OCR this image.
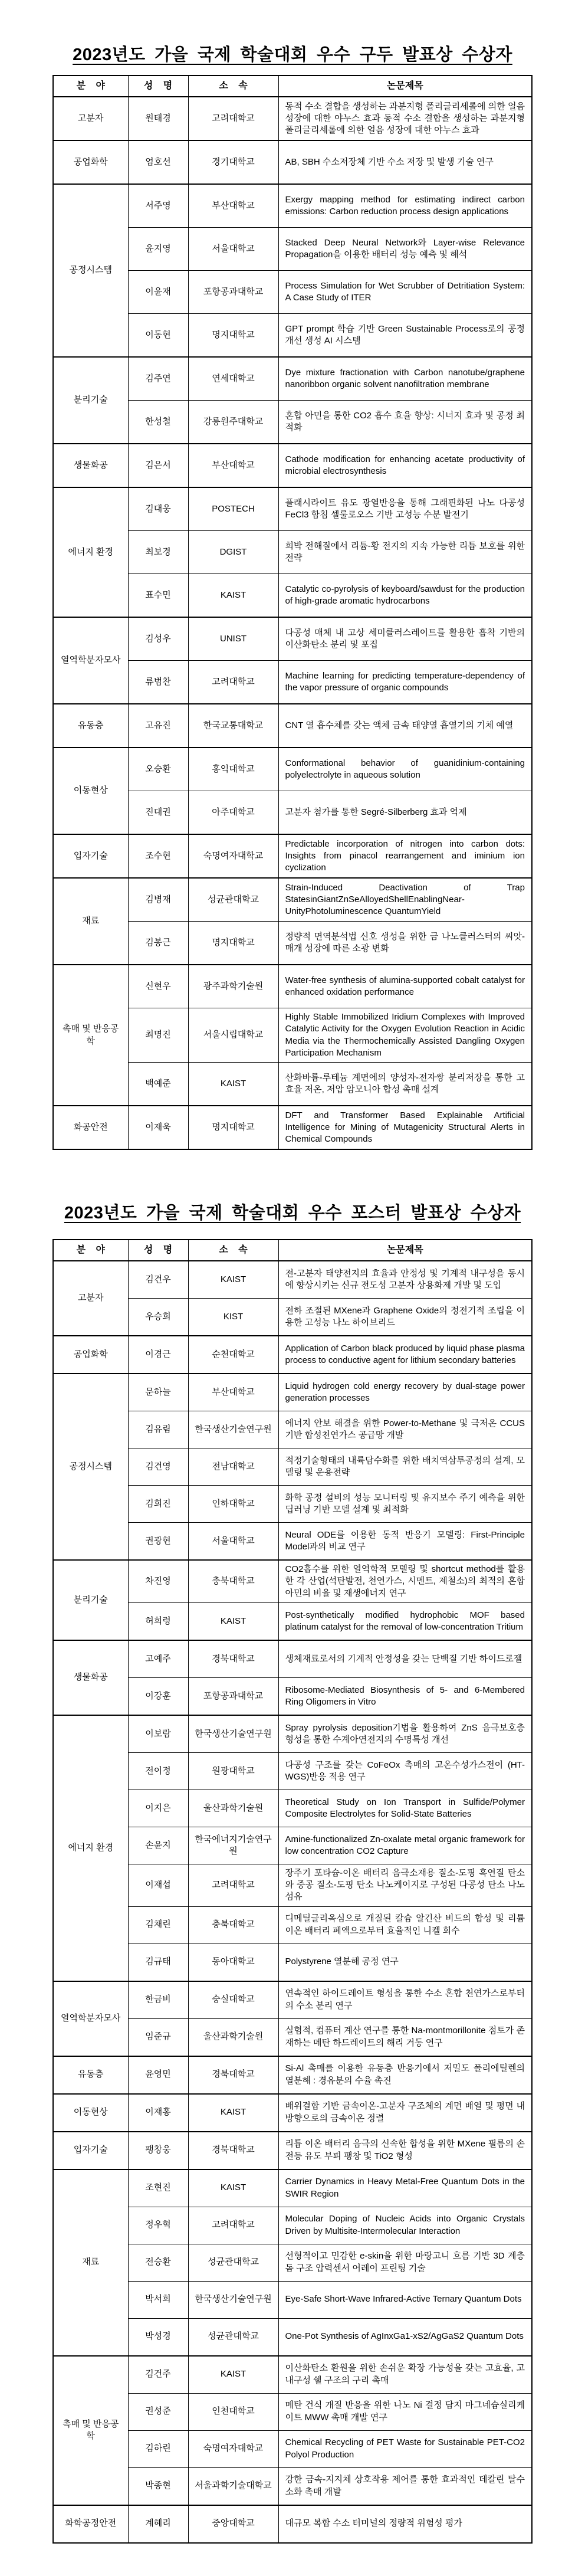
2023년도 가을 국제 학술대회 우수 구두 발표상 수상자
분 야	성 명	소 속	논문제목
고분자	원태경	고려대학교	동적 수소 결합을 생성하는 과분지형 폴리글리세롤에 의한 얼음 성장에 대한 야누스 효과 동적 수소 결합을 생성하는 과분지형 폴리글리세롤에 의한 얼음 성장에 대한 야누스 효과
공업화학	엄호선	경기대학교	AB, SBH 수소저장체 기반 수소 저장 및 발생 기술 연구
공정시스템	서주영	부산대학교	Exergy mapping method for estimating indirect carbon emissions: Carbon reduction process design applications
	윤지영	서울대학교	Stacked Deep Neural Network와 Layer-wise Relevance Propagation을 이용한 배터리 성능 예측 및 해석
	이윤재	포항공과대학교	Process Simulation for Wet Scrubber of Detritiation System: A Case Study of ITER
	이동현	명지대학교	GPT prompt 학습 기반 Green Sustainable Process로의 공정 개선 생성 AI 시스템
분리기술	김주연	연세대학교	Dye mixture fractionation with Carbon nanotube/graphene nanoribbon organic solvent nanofiltration membrane
	한성철	강릉원주대학교	혼합 아민을 통한 CO2 흡수 효율 향상: 시너지 효과 및 공정 최적화
생물화공	김은서	부산대학교	Cathode modification for enhancing acetate productivity of microbial electrosynthesis
에너지 환경	김대웅	POSTECH	플래시라이트 유도 광열반응을 통해 그래핀화된 나노 다공성 FeCl3 함침 셀룰로오스 기반 고성능 수분 발전기
	최보경	DGIST	희박 전해질에서 리튬-황 전지의 지속 가능한 리튬 보호를 위한 전략
	표수민	KAIST	Catalytic co-pyrolysis of keyboard/sawdust for the production of high-grade aromatic hydrocarbons
열역학분자모사	김성우	UNIST	다공성 매체 내 고상 세미클러스레이트를 활용한 흡착 기반의 이산화탄소 분리 및 포집
	류범찬	고려대학교	Machine learning for predicting temperature-dependency of the vapor pressure of organic compounds
유동층	고유진	한국교통대학교	CNT 열 흡수체를 갖는 액체 금속 태양열 흡열기의 기체 예열
이동현상	오승환	홍익대학교	Conformational behavior of guanidinium-containing polyelectrolyte in aqueous solution
	진대권	아주대학교	고분자 첨가를 통한 Segré-Silberberg 효과 억제
입자기술	조수현	숙명여자대학교	Predictable incorporation of nitrogen into carbon dots: Insights from pinacol rearrangement and iminium ion cyclization
재료	김병재	성균관대학교	Strain-Induced Deactivation of Trap StatesinGiantZnSeAlloyedShellEnablingNear-UnityPhotoluminescence QuantumYield
	김봉근	명지대학교	정량적 면역분석법 신호 생성을 위한 금 나노클러스터의 씨앗-매개 성장에 따른 소광 변화
촉매 및 반응공학	신현우	광주과학기술원	Water-free synthesis of alumina-supported cobalt catalyst for enhanced oxidation performance
	최명진	서울시립대학교	Highly Stable Immobilized Iridium Complexes with Improved Catalytic Activity for the Oxygen Evolution Reaction in Acidic Media via the Thermochemically Assisted Dangling Oxygen Participation Mechanism
	백예준	KAIST	산화바륨-루테늄 계면에의 양성자-전자쌍 분리저장을 통한 고효율 저온, 저압 암모니아 합성 촉매 설계
화공안전	이재욱	명지대학교	DFT and Transformer Based Explainable Artificial Intelligence for Mining of Mutagenicity Structural Alerts in Chemical Compounds
2023년도 가을 국제 학술대회 우수 포스터 발표상 수상자
분 야	성 명	소 속	논문제목
고분자	김건우	KAIST	전-고분자 태양전지의 효율과 안정성 및 기계적 내구성을 동시에 향상시키는 신규 전도성 고분자 상용화제 개발 및 도입
	우승희	KIST	전하 조절된 MXene과 Graphene Oxide의 정전기적 조립을 이용한 고성능 나노 하이브리드
공업화학	이경근	순천대학교	Application of Carbon black produced by liquid phase plasma process to conductive agent for lithium secondary batteries
공정시스템	문하늘	부산대학교	Liquid hydrogen cold energy recovery by dual-stage power generation processes
	김유림	한국생산기술연구원	에너지 안보 해결을 위한 Power-to-Methane 및 극저온 CCUS 기반 합성천연가스 공급망 개발
	김건영	전남대학교	적정기술형태의 내륙담수화를 위한 배치역삼투공정의 설계, 모델링 및 운용전략
	김희진	인하대학교	화학 공정 설비의 성능 모니터링 및 유지보수 주기 예측을 위한 딥러닝 기반 모델 설계 및 최적화
	권광현	서울대학교	Neural ODE를 이용한 동적 반응기 모델링: First-Principle Model과의 비교 연구
분리기술	차진영	충북대학교	CO2흡수를 위한 열역학적 모델링 및 shortcut method를 활용한 각 산업(석탄발전, 천연가스, 시멘트, 제철소)의 최적의 혼합 아민의 비율 및 재생에너지 연구
	허희령	KAIST	Post-synthetically modified hydrophobic MOF based platinum catalyst for the removal of low-concentration Tritium
생물화공	고예주	경북대학교	생체재료로서의 기계적 안정성을 갖는 단백질 기반 하이드로젤
	이강훈	포항공과대학교	Ribosome-Mediated Biosynthesis of 5- and 6-Membered Ring Oligomers in Vitro
에너지 환경	이보람	한국생산기술연구원	Spray pyrolysis deposition기법을 활용하여 ZnS 음극보호층 형성을 통한 수계아연전지의 수명특성 개선
	전이정	원광대학교	다공성 구조를 갖는 CoFeOx 촉매의 고온수성가스전이 (HT-WGS)반응 적용 연구
	이지은	울산과학기술원	Theoretical Study on Ion Transport in Sulfide/Polymer Composite Electrolytes for Solid-State Batteries
	손윤지	한국에너지기술연구원	Amine-functionalized Zn-oxalate metal organic framework for low concentration CO2 Capture
	이재섭	고려대학교	장주기 포타슘-이온 배터리 음극소재용 질소-도핑 흑연질 탄소와 중공 질소-도핑 탄소 나노케이지로 구성된 다공성 탄소 나노섬유
	김채린	충북대학교	디메틸글리옥심으로 개질된 칼슘 알긴산 비드의 합성 및 리튬 이온 배터리 폐액으로부터 효율적인 니켈 회수
	김규태	동아대학교	Polystyrene 열분해 공정 연구
열역학분자모사	한금비	숭실대학교	연속적인 하이드레이트 형성을 통한 수소 혼합 천연가스로부터의 수소 분리 연구
	임준규	울산과학기술원	실험적, 컴퓨터 계산 연구를 통한 Na-montmorillonite 점토가 존재하는 메탄 하드레이트의 해리 거동 연구
유동층	윤영민	경북대학교	Si-Al 촉매를 이용한 유동층 반응기에서 저밀도 폴리에틸렌의 열분해 : 경유분의 수율 촉진
이동현상	이재홍	KAIST	배위결합 기반 금속이온-고분자 구조체의 계면 배열 및 평면 내 방향으로의 금속이온 정렬
입자기술	팽창웅	경북대학교	리튬 이온 배터리 음극의 신속한 합성을 위한 MXene 필름의 손전등 유도 부피 팽창 및 TiO2 형성
재료	조현진	KAIST	Carrier Dynamics in Heavy Metal-Free Quantum Dots in the SWIR Region
	정우혁	고려대학교	Molecular Doping of Nucleic Acids into Organic Crystals Driven by Multisite-Intermolecular Interaction
	전승환	성균관대학교	선형적이고 민감한 e-skin을 위한 마랑고니 흐름 기반 3D 계층돔 구조 압력센서 어레이 프린팅 기술
	박서희	한국생산기술연구원	Eye-Safe Short-Wave Infrared-Active Ternary Quantum Dots
	박성경	성균관대학교	One-Pot Synthesis of AgInxGa1-xS2/AgGaS2 Quantum Dots
촉매 및 반응공학	김건주	KAIST	이산화탄소 환원을 위한 손쉬운 확장 가능성을 갖는 고효율, 고내구성 쉘 구조의 구리 촉매
	권성준	인천대학교	메탄 건식 개질 반응을 위한 나노 Ni 결정 담지 마그네슘실리케이트 MWW 촉매 개발 연구
	김하린	숙명여자대학교	Chemical Recycling of PET Waste for Sustainable PET-CO2 Polyol Production
	박종현	서울과학기술대학교	강한 금속-지지체 상호작용 제어를 통한 효과적인 데칼린 탈수소화 촉매 개발
화학공정안전	계혜리	중앙대학교	대규모 복합 수소 터미널의 정량적 위험성 평가
